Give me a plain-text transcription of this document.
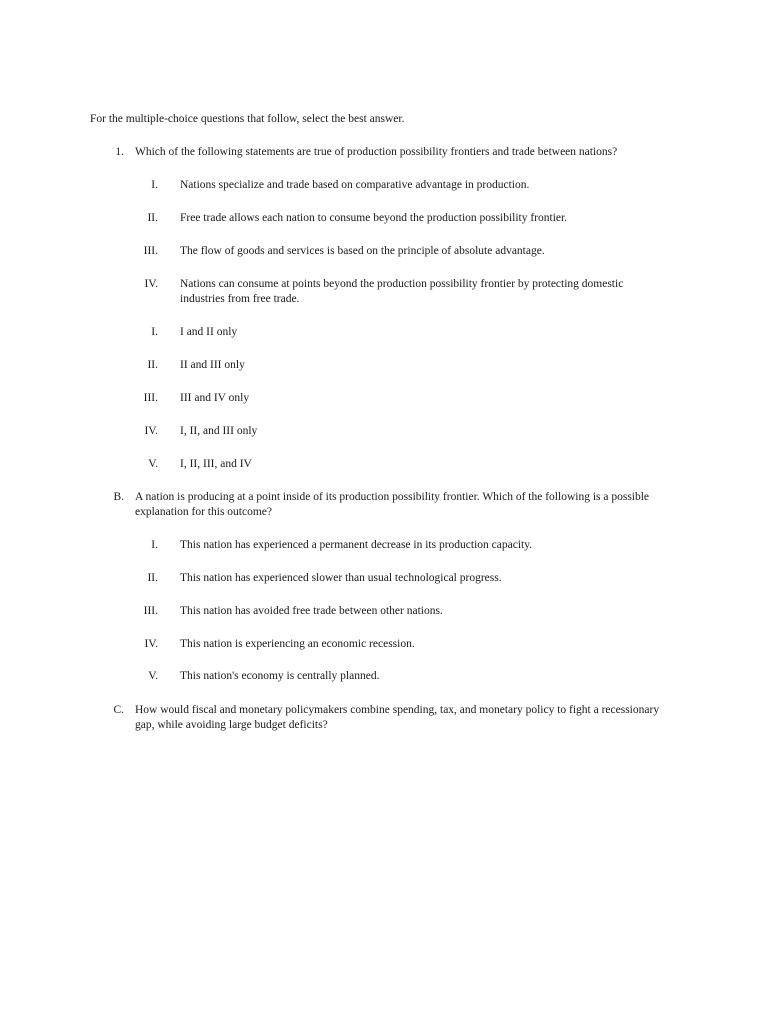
For the multiple-choice questions that follow, select the best answer.
1. Which of the following statements are true of production possibility frontiers and trade between nations?
I. Nations specialize and trade based on comparative advantage in production.
II. Free trade allows each nation to consume beyond the production possibility frontier.
III. The flow of goods and services is based on the principle of absolute advantage.
IV. Nations can consume at points beyond the production possibility frontier by protecting domestic industries from free trade.
I. I and II only
II. II and III only
III. III and IV only
IV. I, II, and III only
V. I, II, III, and IV
B. A nation is producing at a point inside of its production possibility frontier. Which of the following is a possible explanation for this outcome?
I. This nation has experienced a permanent decrease in its production capacity.
II. This nation has experienced slower than usual technological progress.
III. This nation has avoided free trade between other nations.
IV. This nation is experiencing an economic recession.
V. This nation's economy is centrally planned.
C. How would fiscal and monetary policymakers combine spending, tax, and monetary policy to fight a recessionary gap, while avoiding large budget deficits?
